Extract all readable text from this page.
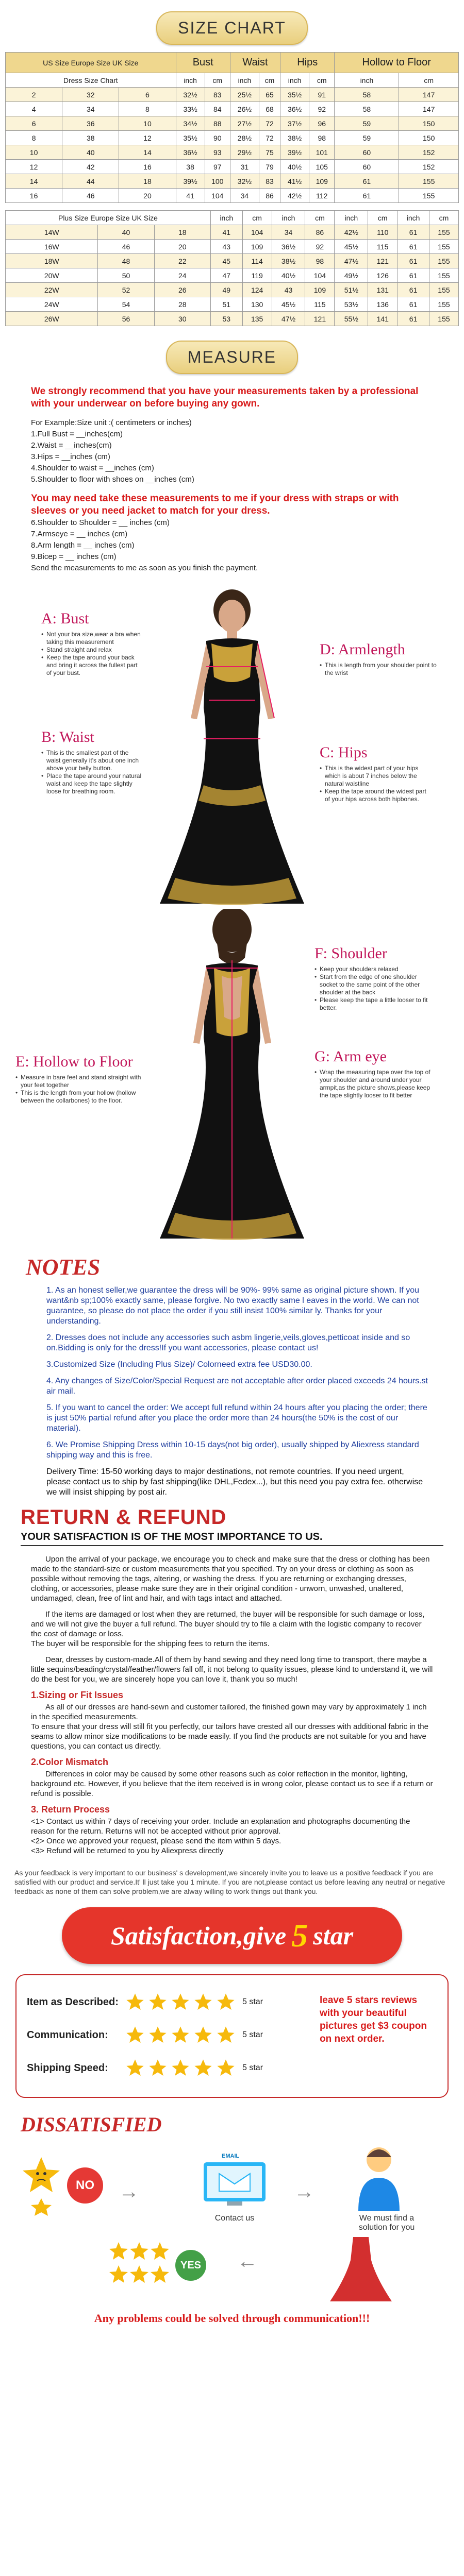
SIZE CHART
US Size Europe Size UK Size			Bust		Waist		Hips		Hollow to Floor	
Dress Size Chart			inch	cm	inch	cm	inch	cm	inch	cm
2	32	6	32½	83	25½	65	35½	91	58	147
4	34	8	33½	84	26½	68	36½	92	58	147
6	36	10	34½	88	27½	72	37½	96	59	150
8	38	12	35½	90	28½	72	38½	98	59	150
10	40	14	36½	93	29½	75	39½	101	60	152
12	42	16	38	97	31	79	40½	105	60	152
14	44	18	39½	100	32½	83	41½	109	61	155
16	46	20	41	104	34	86	42½	112	61	155
Plus Size Europe Size UK Size			inch	cm	inch	cm	inch	cm	inch	cm
14W	40	18	41	104	34	86	42½	110	61	155
16W	46	20	43	109	36½	92	45½	115	61	155
18W	48	22	45	114	38½	98	47½	121	61	155
20W	50	24	47	119	40½	104	49½	126	61	155
22W	52	26	49	124	43	109	51½	131	61	155
24W	54	28	51	130	45½	115	53½	136	61	155
26W	56	30	53	135	47½	121	55½	141	61	155
MEASURE

We strongly recommend that you have your measurements taken by a professional with your underwear on before buying any gown.

For Example:Size unit :( centimeters or inches)

1.Full Bust = __inches(cm)

2.Waist = __inches(cm)

3.Hips = __inches (cm)

4.Shoulder to waist = __inches (cm)

5.Shoulder to floor with shoes on __inches (cm)

You may need take these measurements to me if your dress with straps or with sleeves or you need jacket to match for your dress.

6.Shoulder to Shoulder = __ inches (cm)

7.Armseye = __ inches (cm)

8.Arm length = __ inches (cm)

9.Bicep = __ inches (cm)

Send the measurements to me as soon as you finish the payment.

A: Bust
• Not your bra size,wear a bra when taking this measurement
• Stand straight and relax
• Keep the tape around your back and bring it across the fullest part of your bust.
D: Armlength
• This is length from your shoulder point to the wrist
B: Waist
• This is the smallest part of the waist generally it's about one inch above your belly button.
• Place the tape around your natural waist and keep the tape slightly loose for breathing room.
C: Hips
• This is the widest part of your hips which is about 7 inches below the natural waistline
• Keep the tape around the widest part of your hips across both hipbones.
F: Shoulder
• Keep your shoulders relaxed
• Start from the edge of one shoulder socket to the same point of the other shoulder at the back
• Please keep the tape a little looser to fit better.
E: Hollow to Floor
• Measure in bare feet and stand straight with your feet together
• This is the length from your hollow (hollow between the collarbones) to the floor.
G: Arm eye
• Wrap the measuring tape over the top of your shoulder and around under your armpit,as the picture shows,please keep the tape slightly looser to fit better
NOTES

1. As an honest seller,we guarantee the dress will be 90%- 99% same as original picture shown. If you want&nb sp;100% exactly same, please forgive. No two exactly same l eaves in the world. We can not guarantee, so please do not place the order if you still insist 100% similar ly. Thanks for your understanding.

2. Dresses does not include any accessories such asbm lingerie,veils,gloves,petticoat inside and so on.Bidding is only for the dress!If you want accessories, please contact us!

3.Customized Size (Including Plus Size)/ Colorneed extra fee USD30.00.

4. Any changes of Size/Color/Special Request are not acceptable after order placed exceeds 24 hours.st air mail.

5. If you want to cancel the order: We accept full refund within 24 hours after you placing the order; there is just 50% partial refund after you place the order more than 24 hours(the 50% is the cost of our material).

6. We Promise Shipping Dress within 10-15 days(not big order), usually shipped by Aliexress standard shipping way and this is free.

Delivery Time: 15-50 working days to major destinations, not remote countries. If you need urgent, please contact us to ship by fast shipping(like DHL,Fedex...), but this need you pay extra fee. otherwise we will insist shipping by post air.

RETURN & REFUND
YOUR SATISFACTION IS OF THE MOST IMPORTANCE TO US.

Upon the arrival of your package, we encourage you to check and make sure that the dress or clothing has been made to the standard-size or custom measurements that you specified. Try on your dress or clothing as soon as possible without removing the tags, altering, or washing the dress. If you are returning or exchanging dresses, clothing, or accessories, please make sure they are in their original condition - unworn, unwashed, unaltered, undamaged, clean, free of lint and hair, and with tags intact and attached.

If the items are damaged or lost when they are returned, the buyer will be responsible for such damage or loss, and we will not give the buyer a full refund. The buyer should try to file a claim with the logistic company to recover the cost of damage or loss.
The buyer will be responsible for the shipping fees to return the items.

Dear, dresses by custom-made.All of them by hand sewing and they need long time to transport, there maybe a little sequins/beading/crystal/feather/flowers fall off, it not belong to quality issues, please kind to understand it, we will do the best for you, we are sincerely hope you can love it, thank you so much!

1.Sizing or Fit Issues

As all of our dresses are hand-sewn and customer tailored, the finished gown may vary by approximately 1 inch in the specified measurements.
To ensure that your dress will still fit you perfectly, our tailors have crested all our dresses with additional fabric in the seams to allow minor size modifications to be made easily. If you find the products are not suitable for you and have questions, you can contact us directly.

2.Color Mismatch

Differences in color may be caused by some other reasons such as color reflection in the monitor, lighting, background etc. However, if you believe that the item received is in wrong color, please contact us to see if a return or refund is possible.

3. Return Process

<1> Contact us within 7 days of receiving your order. Include an explanation and photographs documenting the reason for the return. Returns will not be accepted without prior approval.
<2> Once we approved your request, please send the item within 5 days.
<3> Refund will be returned to you by Aliexpress directly

As your feedback is very important to our business' s development,we sincerely invite you to leave us a positive feedback if you are satisfied with our product and service.It' ll just take you 1 minute. If you are not,please contact us before leaving any neutral or negative feedback as none of them can solve problem,we are alway willing to work things out thank you.
Satisfaction,give 5 star
Item as Described:	5 star
Communication:	5 star
Shipping Speed:	5 star
leave 5 stars reviews with your beautiful pictures get $3 coupon on next order.
DISSATISFIED
NO	→
EMAIL
Contact us
→
We must find a solution for you
YES ←
Any problems could be solved through communication!!!
